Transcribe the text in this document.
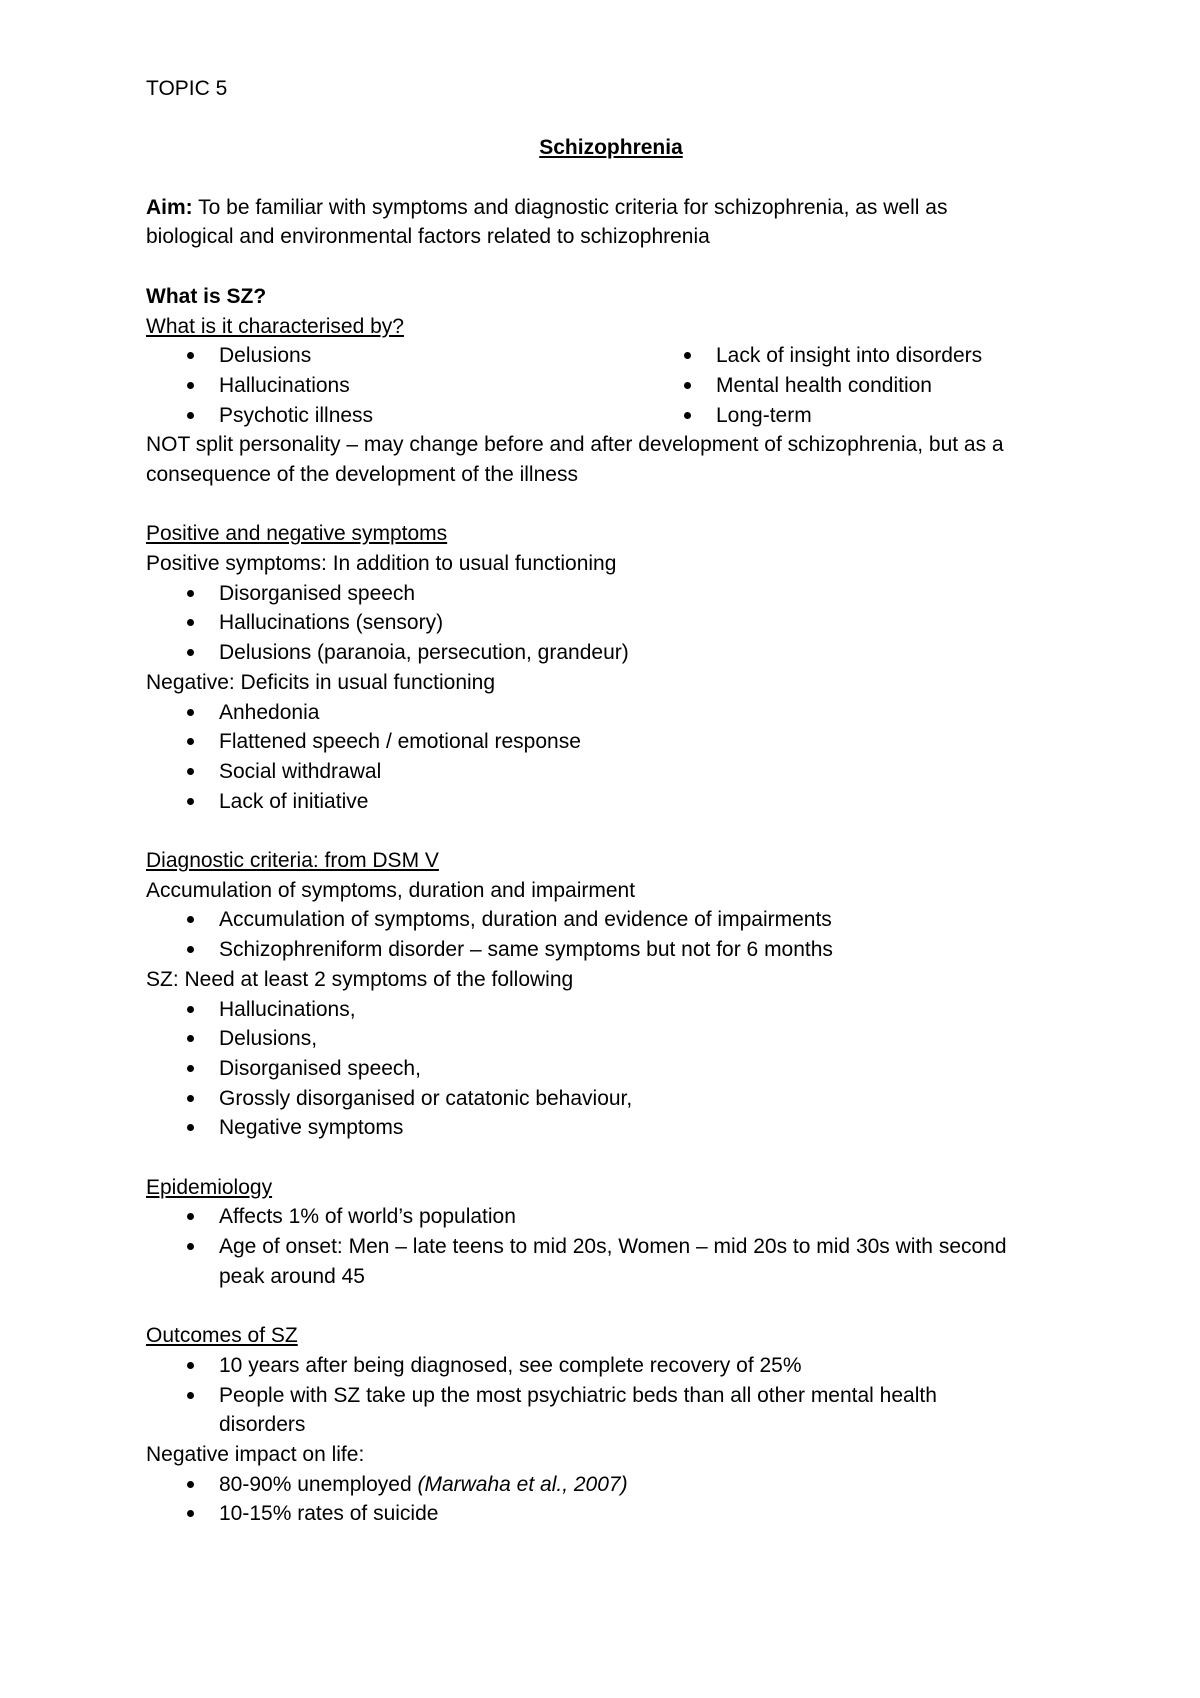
TOPIC 5
Schizophrenia
Aim: To be familiar with symptoms and diagnostic criteria for schizophrenia, as well as
biological and environmental factors related to schizophrenia
What is SZ?
What is it characterised by?
Delusions
Hallucinations
Psychotic illness
Lack of insight into disorders
Mental health condition
Long-term
NOT split personality – may change before and after development of schizophrenia, but as a
consequence of the development of the illness
Positive and negative symptoms
Positive symptoms: In addition to usual functioning
Disorganised speech
Hallucinations (sensory)
Delusions (paranoia, persecution, grandeur)
Negative: Deficits in usual functioning
Anhedonia
Flattened speech / emotional response
Social withdrawal
Lack of initiative
Diagnostic criteria: from DSM V
Accumulation of symptoms, duration and impairment
Accumulation of symptoms, duration and evidence of impairments
Schizophreniform disorder – same symptoms but not for 6 months
SZ: Need at least 2 symptoms of the following
Hallucinations,
Delusions,
Disorganised speech,
Grossly disorganised or catatonic behaviour,
Negative symptoms
Epidemiology
Affects 1% of world’s population
Age of onset: Men – late teens to mid 20s, Women – mid 20s to mid 30s with second
peak around 45
Outcomes of SZ
10 years after being diagnosed, see complete recovery of 25%
People with SZ take up the most psychiatric beds than all other mental health
disorders
Negative impact on life:
80-90% unemployed (Marwaha et al., 2007)
10-15% rates of suicide
